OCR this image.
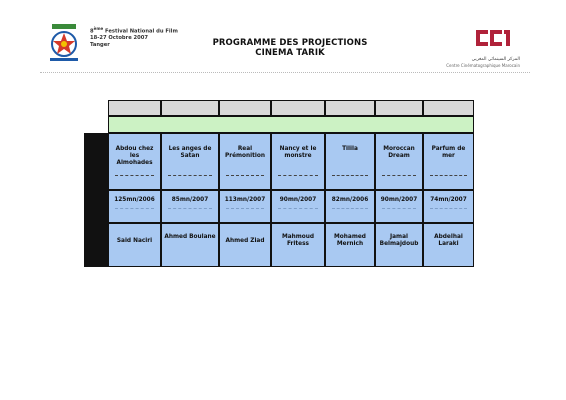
8ème Festival National du Film
18-27 Octobre 2007
Tanger	PROGRAMME DES PROJECTIONS
CINEMA TARIK
المركز السينمائي المغربي
Centre Cinématographique Marocain

Abdou chez les Almohades
125mn/2006
Said Naciri
Les anges de Satan
85mn/2007
Ahmed Boulane
Real Prémonition
113mn/2007
Ahmed Ziad
Nancy et le monstre
90mn/2007
Mahmoud Fritess
Tilila
82mn/2006
Mohamed Mernich
Moroccan Dream
90mn/2007
Jamal Belmajdoub
Parfum de mer
74mn/2007
Abdelhai Laraki
